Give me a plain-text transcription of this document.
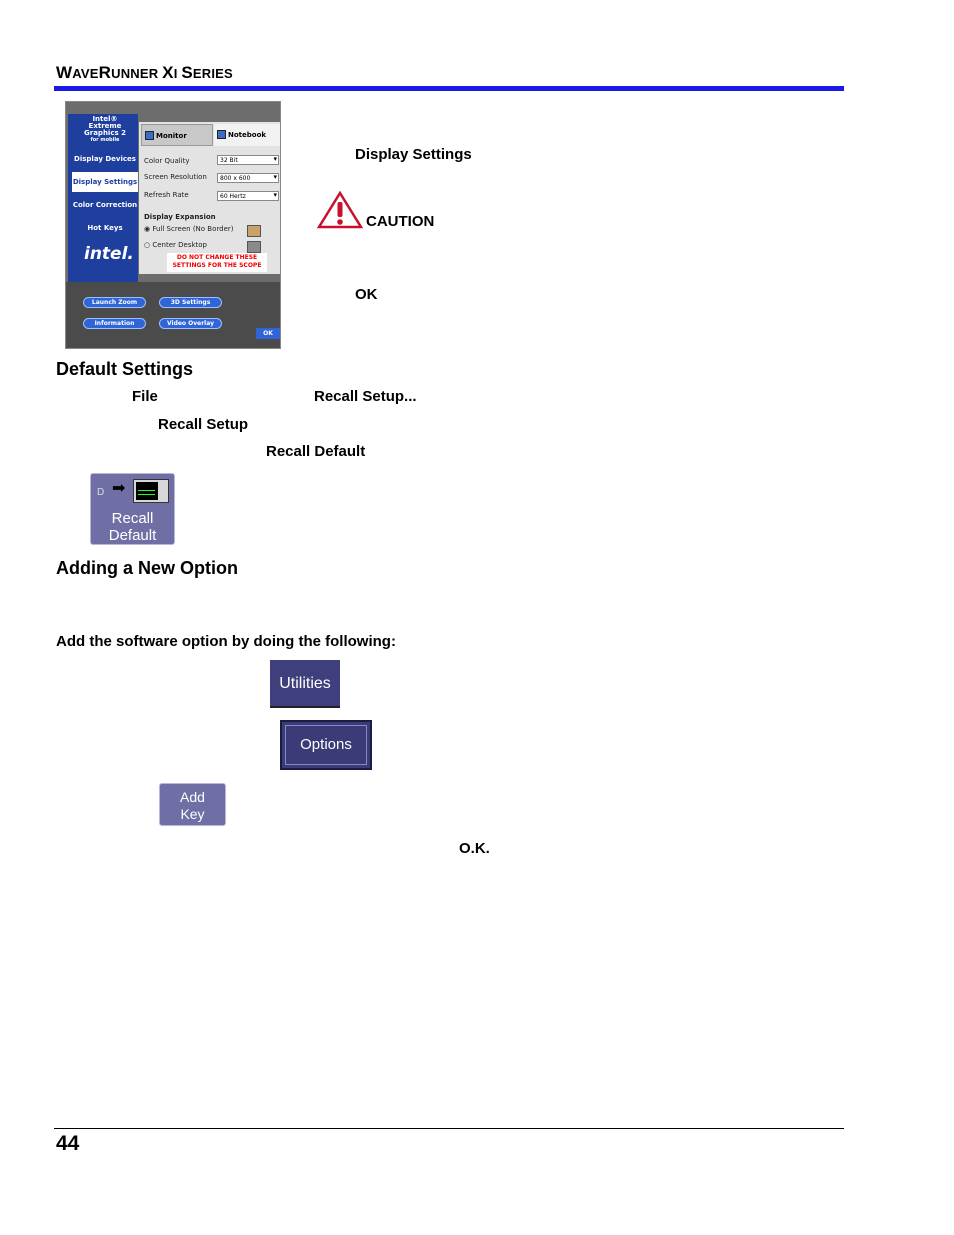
WAVERUNNER XI SERIES
Intel®
Extreme
Graphics 2
for mobile
Display Devices
Display Settings
Color Correction
Hot Keys
intel.
Monitor	Notebook
Color Quality	32 Bit ▾
Screen Resolution	800 x 600 ▾
Refresh Rate	60 Hertz ▾
Display Expansion
◉ Full Screen (No Border)
○ Center Desktop
DO NOT CHANGE THESE
SETTINGS FOR THE SCOPE
Launch Zoom	3D Settings
Information	Video Overlay
OK
Display Settings
CAUTION
OK
Default Settings
File	Recall Setup...
Recall Setup
Recall Default
D ➡
Recall
Default
Adding a New Option
Add the software option by doing the following:
Utilities
Options
Add
Key
O.K.
44
